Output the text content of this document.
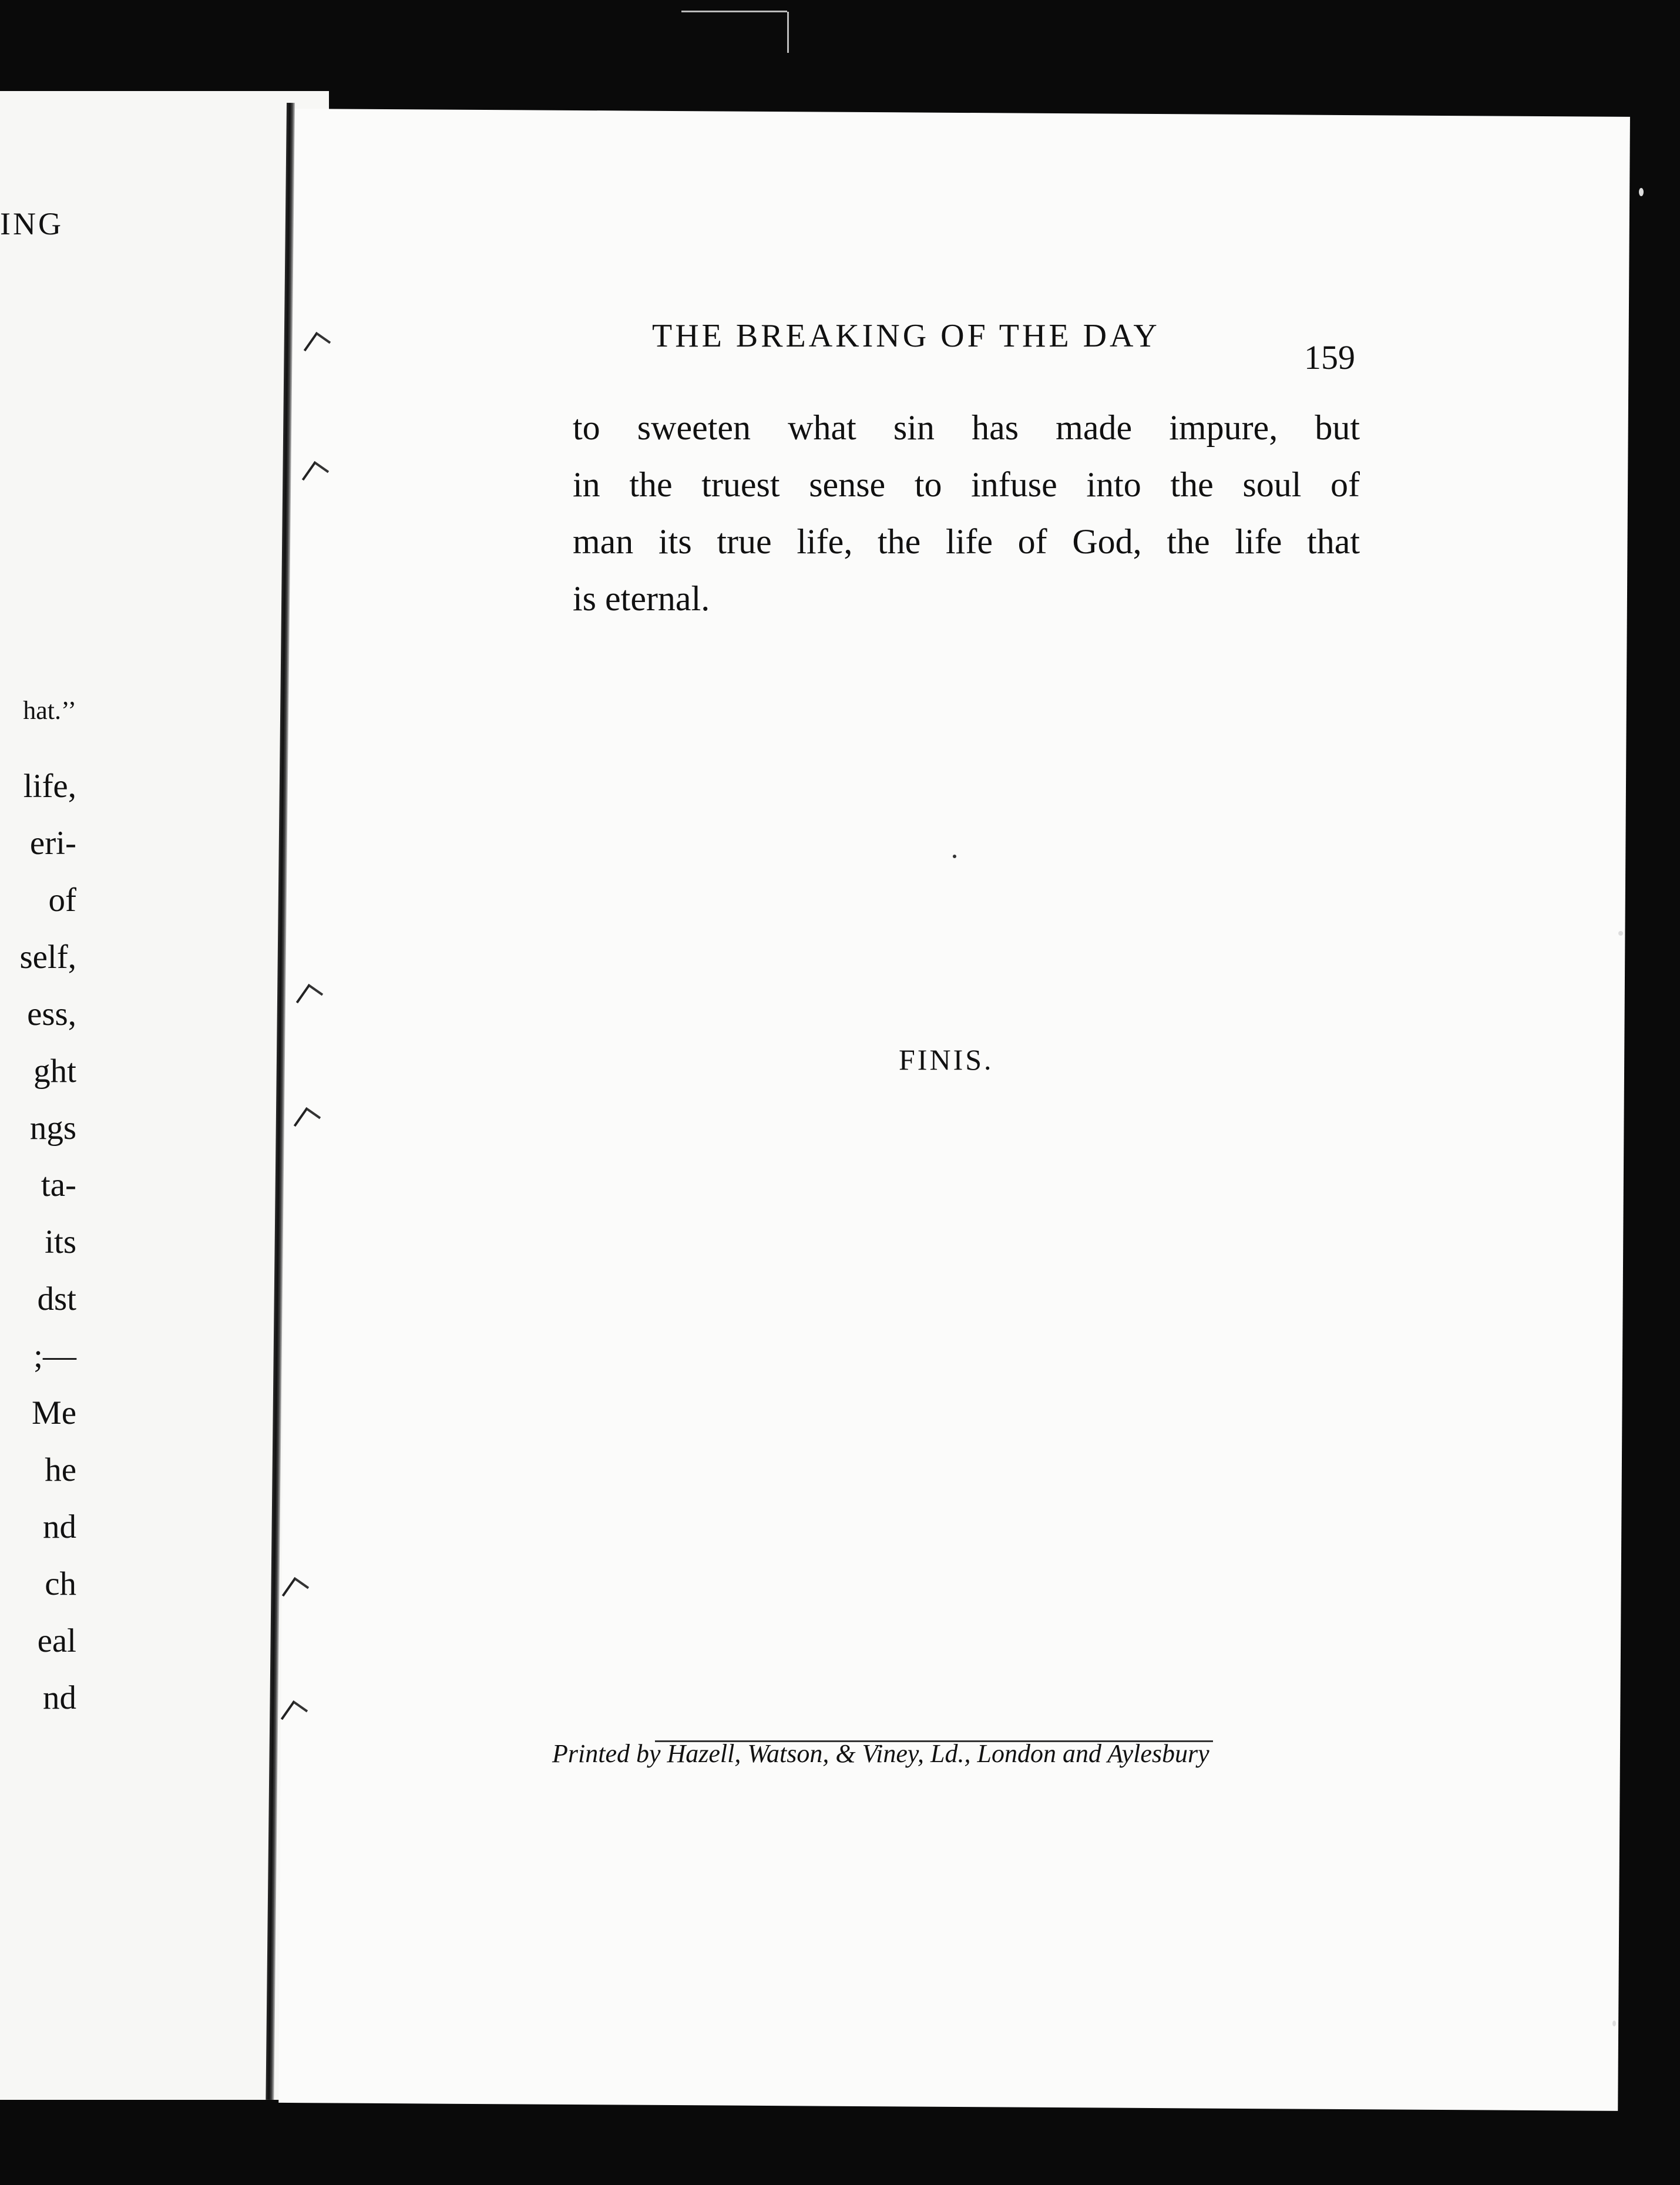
ING
hat.’’
life,
eri-
of
self,
ess,
ght
ngs
ta-
its
dst
;—
Me
he
nd
ch
eal
nd
THE BREAKING OF THE DAY
159
to sweeten what sin has made impure, but
in the truest sense to infuse into the soul of
man its true life, the life of God, the life that
is eternal.
FINIS.
Printed by Hazell, Watson, & Viney, Ld., London and Aylesbury
